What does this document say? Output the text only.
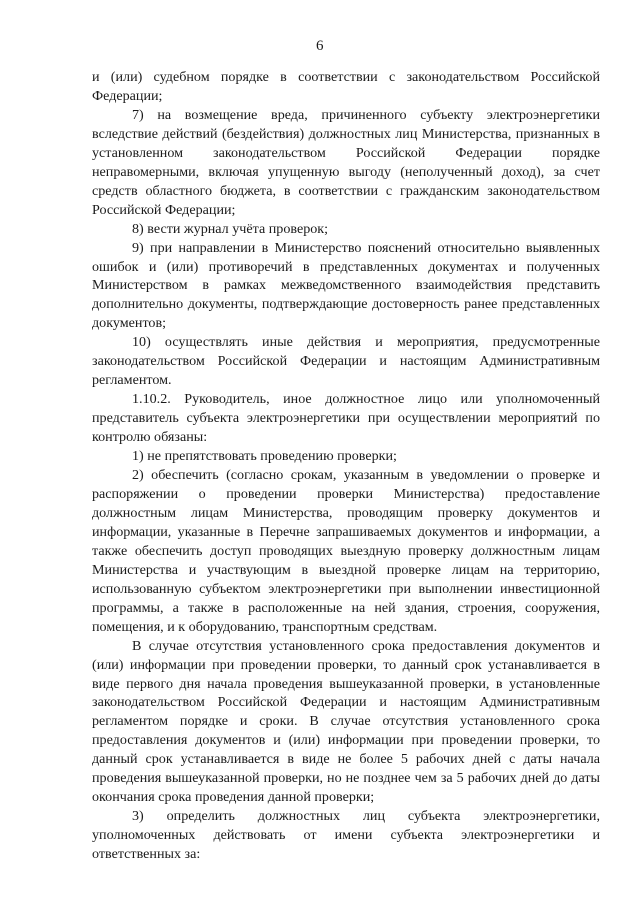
6

и (или) судебном порядке в соответствии с законодательством Российской Федерации;

7) на возмещение вреда, причиненного субъекту электроэнергетики вследствие действий (бездействия) должностных лиц Министерства, признанных в установленном законодательством Российской Федерации порядке неправомерными, включая упущенную выгоду (неполученный доход), за счет средств областного бюджета, в соответствии с гражданским законодательством Российской Федерации;

8) вести журнал учёта проверок;

9) при направлении в Министерство пояснений относительно выявленных ошибок и (или) противоречий в представленных документах и полученных Министерством в рамках межведомственного взаимодействия представить дополнительно документы, подтверждающие достоверность ранее представленных документов;

10) осуществлять иные действия и мероприятия, предусмотренные законодательством Российской Федерации и настоящим Административным регламентом.

1.10.2. Руководитель, иное должностное лицо или уполномоченный представитель субъекта электроэнергетики при осуществлении мероприятий по контролю обязаны:

1) не препятствовать проведению проверки;

2) обеспечить (согласно срокам, указанным в уведомлении о проверке и распоряжении о проведении проверки Министерства) предоставление должностным лицам Министерства, проводящим проверку документов и информации, указанные в Перечне запрашиваемых документов и информации, а также обеспечить доступ проводящих выездную проверку должностным лицам Министерства и участвующим в выездной проверке лицам на территорию, использованную субъектом электроэнергетики при выполнении инвестиционной программы, а также в расположенные на ней здания, строения, сооружения, помещения, и к оборудованию, транспортным средствам.

В случае отсутствия установленного срока предоставления документов и (или) информации при проведении проверки, то данный срок устанавливается в виде первого дня начала проведения вышеуказанной проверки, в установленные законодательством Российской Федерации и настоящим Административным регламентом порядке и сроки. В случае отсутствия установленного срока предоставления документов и (или) информации при проведении проверки, то данный срок устанавливается в виде не более 5 рабочих дней с даты начала проведения вышеуказанной проверки, но не позднее чем за 5 рабочих дней до даты окончания срока проведения данной проверки;

3) определить должностных лиц субъекта электроэнергетики, уполномоченных действовать от имени субъекта электроэнергетики и ответственных за:
